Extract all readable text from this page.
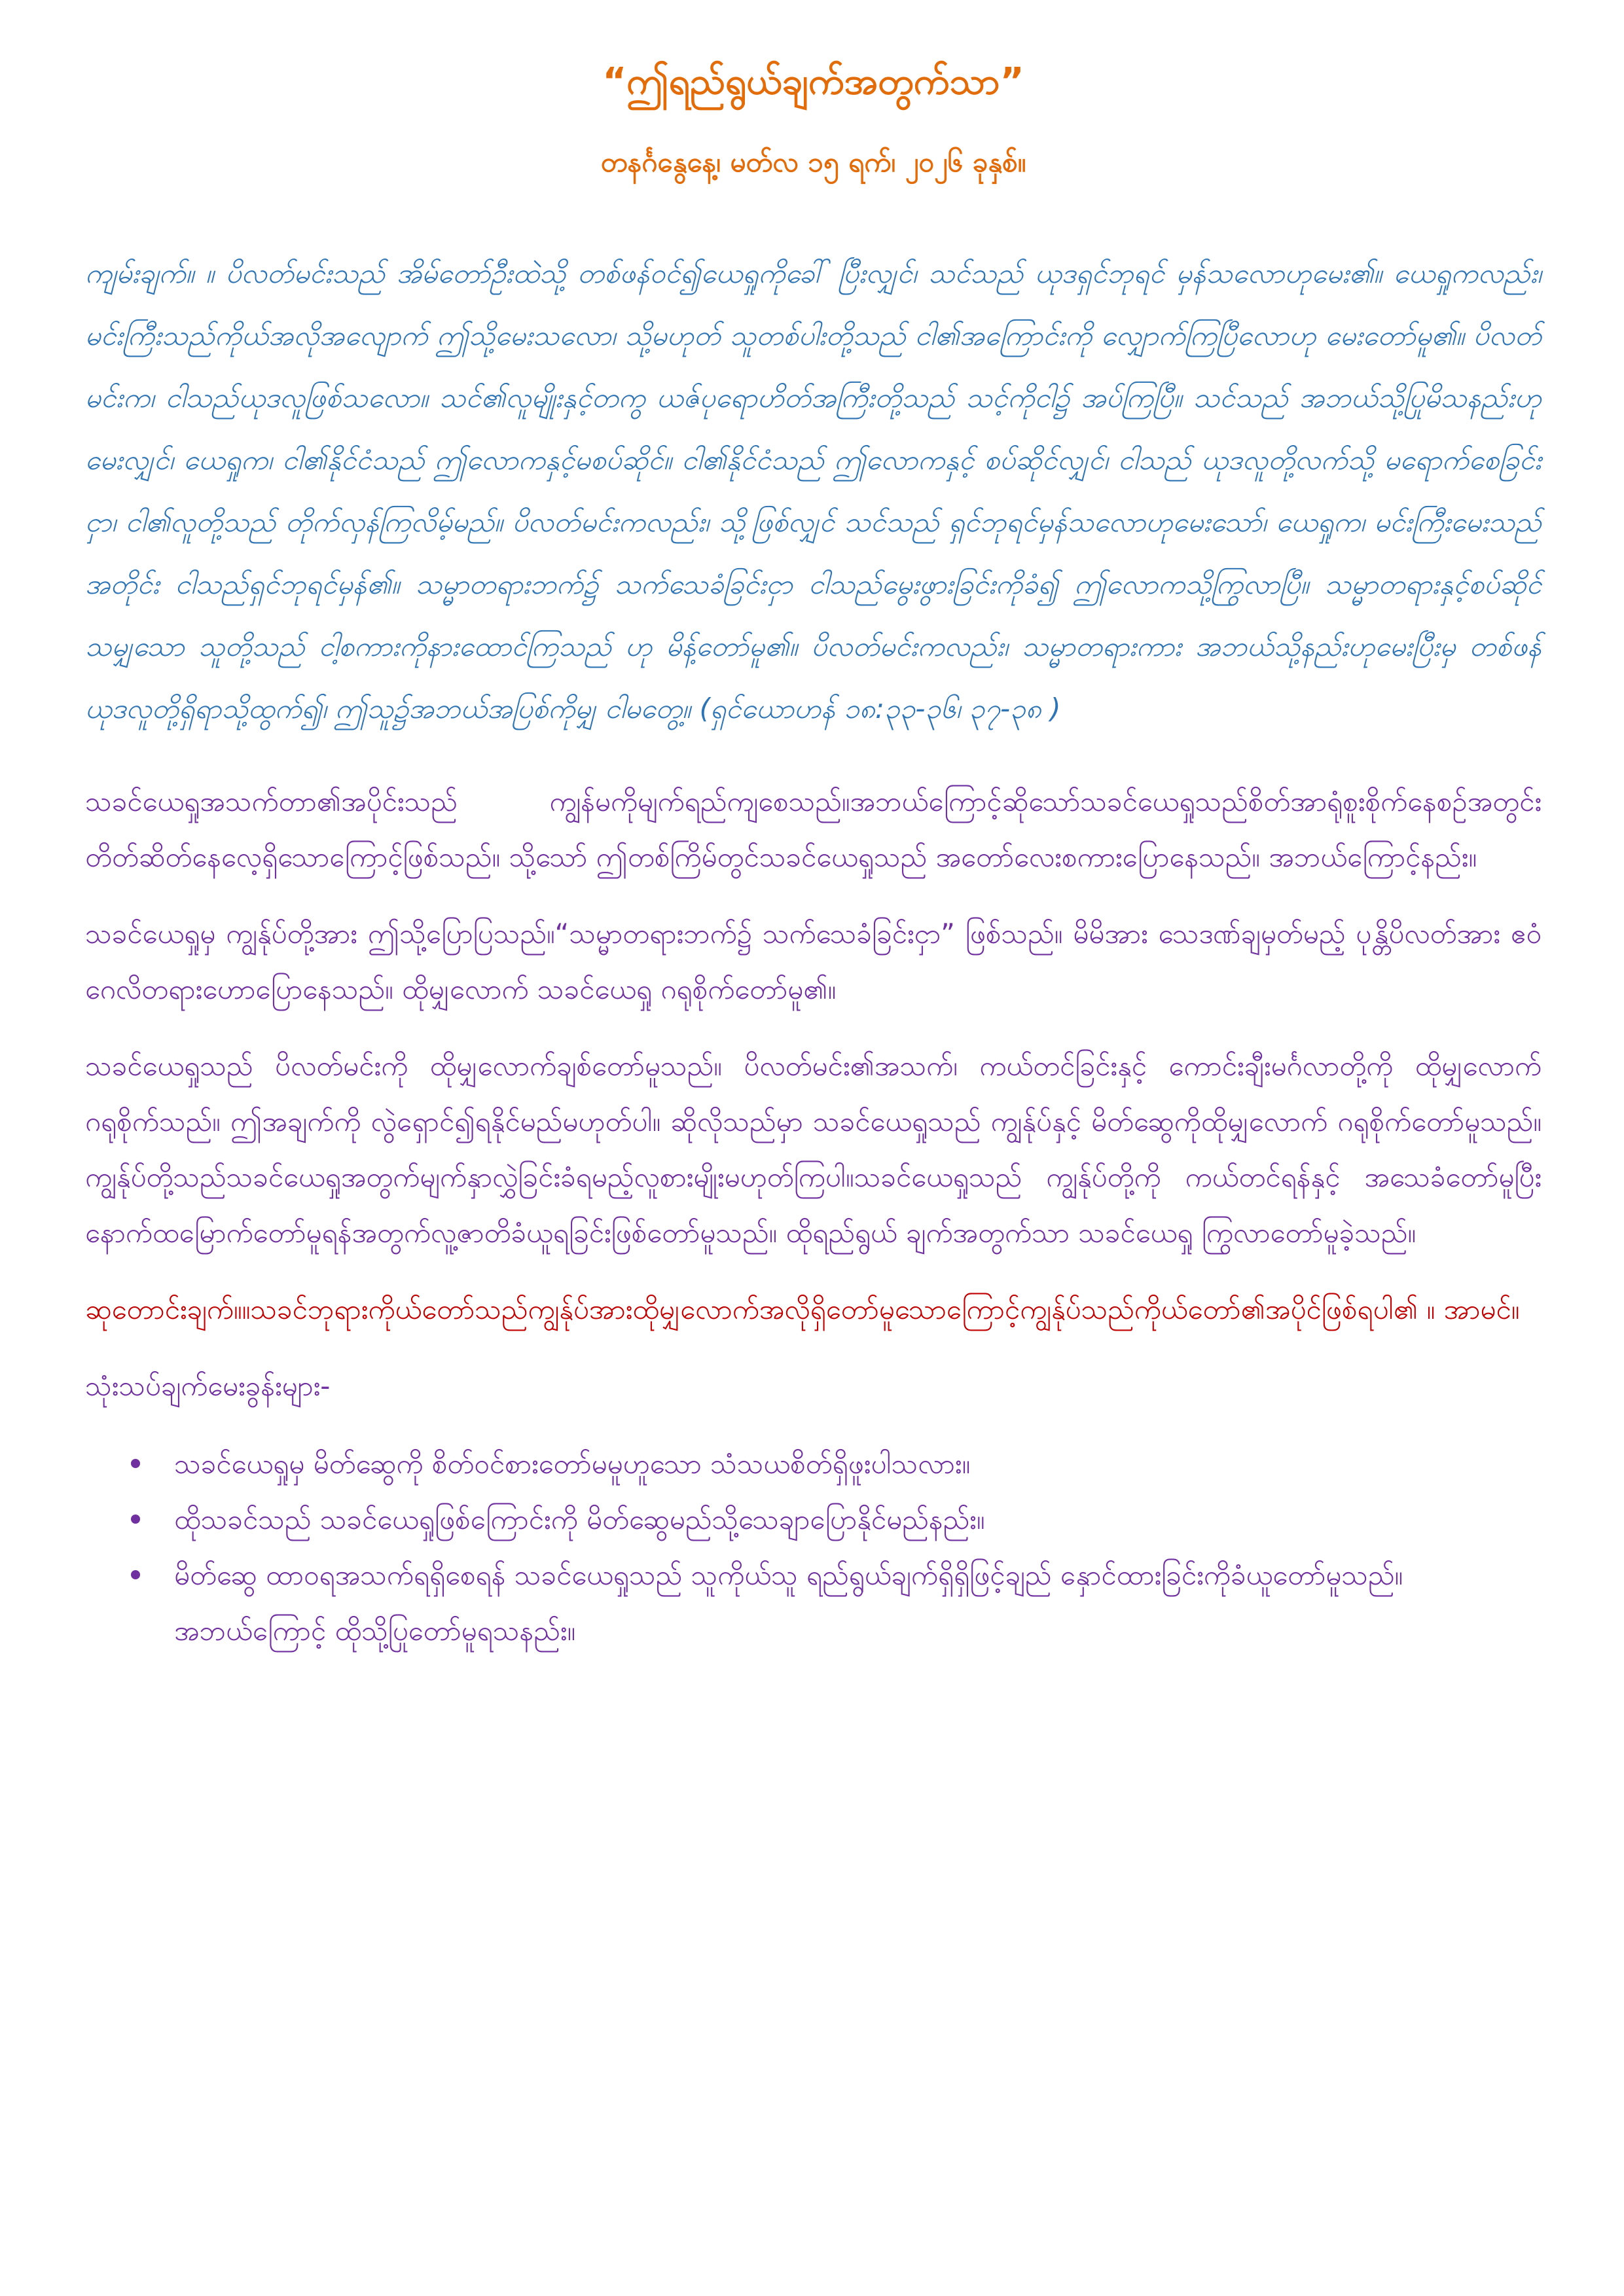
“ဤရည်ရွယ်ချက်အတွက်သာ”
တနင်္ဂနွေနေ့၊ မတ်လ ၁၅ ရက်၊ ၂၀၂၆ ခုနှစ်။

ကျမ်းချက်။ ။ ပိလတ်မင်းသည် အိမ်တော်ဦးထဲသို့ တစ်ဖန်ဝင်၍ယေရှုကိုခေါ် ပြီးလျှင်၊ သင်သည် ယုဒရှင်ဘုရင် မှန်သလောဟုမေး၏။ ယေရှုကလည်း၊မင်းကြီးသည်ကိုယ်အလိုအလျောက် ဤသို့မေးသလော၊ သို့မဟုတ် သူတစ်ပါးတို့သည် ငါ၏အကြောင်းကို လျှောက်ကြပြီလောဟု မေးတော်မူ၏။ ပိလတ်မင်းက၊ ငါသည်ယုဒလူဖြစ်သလော။ သင်၏လူမျိုးနှင့်တကွ ယဇ်ပုရောဟိတ်အကြီးတို့သည် သင့်ကိုငါ၌ အပ်ကြပြီ။ သင်သည် အဘယ်သို့ပြုမိသနည်းဟု မေးလျှင်၊ ယေရှုက၊ ငါ၏နိုင်ငံသည် ဤလောကနှင့်မစပ်ဆိုင်။ ငါ၏နိုင်ငံသည် ဤလောကနှင့် စပ်ဆိုင်လျှင်၊ ငါသည် ယုဒလူတို့လက်သို့ မရောက်စေခြင်းငှာ၊ ငါ၏လူတို့သည် တိုက်လှန်ကြလိမ့်မည်။ ပိလတ်မင်းကလည်း၊ သို့ဖြစ်လျှင် သင်သည် ရှင်ဘုရင်မှန်သလောဟုမေးသော်၊ ယေရှုက၊ မင်းကြီးမေးသည်အတိုင်း ငါသည်ရှင်ဘုရင်မှန်၏။ သမ္မာတရားဘက်၌ သက်သေခံခြင်းငှာ ငါသည်မွေးဖွားခြင်းကိုခံ၍ ဤလောကသို့ကြွလာပြီ။ သမ္မာတရားနှင့်စပ်ဆိုင်သမျှသော သူတို့သည် ငါ့စကားကိုနားထောင်ကြသည် ဟု မိန့်တော်မူ၏။ ပိလတ်မင်းကလည်း၊ သမ္မာတရားကား အဘယ်သို့နည်းဟုမေးပြီးမှ တစ်ဖန်ယုဒလူတို့ရှိရာသို့ထွက်၍၊ ဤသူ၌အဘယ်အပြစ်ကိုမျှ ငါမတွေ့။ (ရှင်ယောဟန် ၁၈:၃၃-၃၆၊ ၃၇-၃၈ )

သခင်ယေရှုအသက်တာ၏အပိုင်းသည် ကျွန်မကိုမျက်ရည်ကျစေသည်။အဘယ်ကြောင့်ဆိုသော်သခင်ယေရှုသည်စိတ်အာရုံစူးစိုက်နေစဉ်အတွင်းတိတ်ဆိတ်နေလေ့ရှိသောကြောင့်ဖြစ်သည်။ သို့သော် ဤတစ်ကြိမ်တွင်သခင်ယေရှုသည် အတော်လေးစကားပြောနေသည်။ အဘယ်ကြောင့်နည်း။

သခင်ယေရှုမှ ကျွန်ုပ်တို့အား ဤသို့ပြောပြသည်။“သမ္မာတရားဘက်၌ သက်သေခံခြင်းငှာ” ဖြစ်သည်။ မိမိအား သေဒဏ်ချမှတ်မည့် ပုန္တိပိလတ်အား ဧဝံဂေလိတရားဟောပြောနေသည်။ ထိုမျှလောက် သခင်ယေရှု ဂရုစိုက်တော်မူ၏။

သခင်ယေရှုသည် ပိလတ်မင်းကို ထိုမျှလောက်ချစ်တော်မူသည်။ ပိလတ်မင်း၏အသက်၊ ကယ်တင်ခြင်းနှင့် ကောင်းချီးမင်္ဂလာတို့ကို ထိုမျှလောက်ဂရုစိုက်သည်။ ဤအချက်ကို လွဲရှောင်၍ရနိုင်မည်မဟုတ်ပါ။ ဆိုလိုသည်မှာ သခင်ယေရှုသည် ကျွန်ုပ်နှင့် မိတ်ဆွေကိုထိုမျှလောက် ဂရုစိုက်တော်မူသည်။ကျွန်ုပ်တို့သည်သခင်ယေရှုအတွက်မျက်နှာလွှဲခြင်းခံရမည့်လူစားမျိုးမဟုတ်ကြပါ။သခင်ယေရှုသည် ကျွန်ုပ်တို့ကို ကယ်တင်ရန်နှင့် အသေခံတော်မူပြီးနောက်ထမြောက်တော်မူရန်အတွက်လူ့ဇာတိခံယူရခြင်းဖြစ်တော်မူသည်။ ထိုရည်ရွယ် ချက်အတွက်သာ သခင်ယေရှု ကြွလာတော်မူခဲ့သည်။

ဆုတောင်းချက်။။သခင်ဘုရားကိုယ်တော်သည်ကျွန်ုပ်အားထိုမျှလောက်အလိုရှိတော်မူသောကြောင့်ကျွန်ုပ်သည်ကိုယ်တော်၏အပိုင်ဖြစ်ရပါ၏ ။ အာမင်။

သုံးသပ်ချက်မေးခွန်းများ-

သခင်ယေရှုမှ မိတ်ဆွေကို စိတ်ဝင်စားတော်မမူဟူသော သံသယစိတ်ရှိဖူးပါသလား။
ထိုသခင်သည် သခင်ယေရှုဖြစ်ကြောင်းကို မိတ်ဆွေမည်သို့သေချာပြောနိုင်မည်နည်း။
မိတ်ဆွေ ထာဝရအသက်ရရှိစေရန် သခင်ယေရှုသည် သူကိုယ်သူ ရည်ရွယ်ချက်ရှိရှိဖြင့်ချည် နှောင်ထားခြင်းကိုခံယူတော်မူသည်။ အဘယ်ကြောင့် ထိုသို့ပြုတော်မူရသနည်း။
